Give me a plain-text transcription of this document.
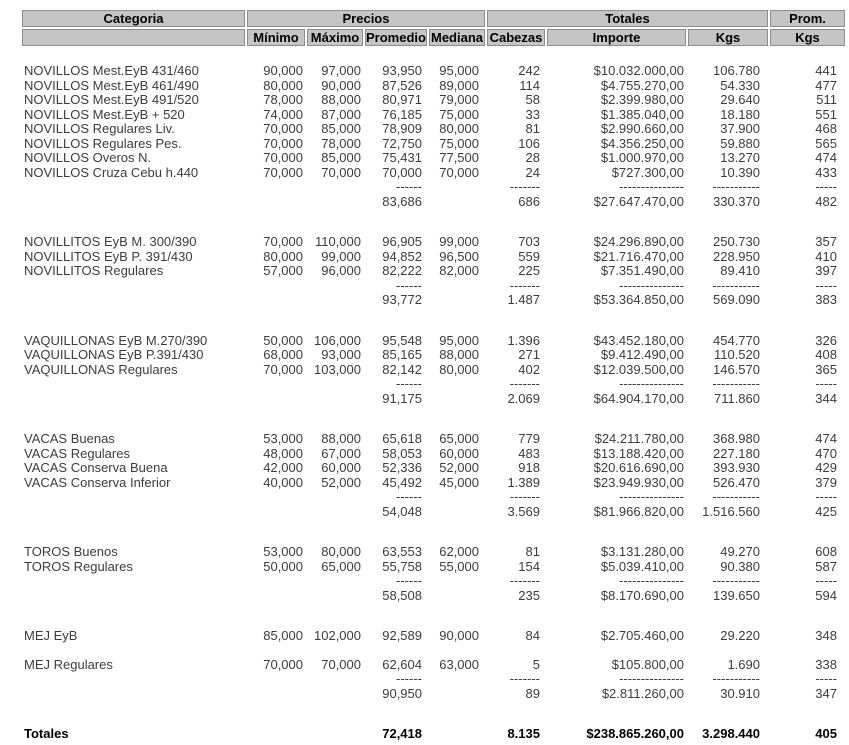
Categoria	Precios				Totales			Prom.
	Mínimo	Máximo	Promedio	Mediana	Cabezas	Importe	Kgs	Kgs

NOVILLOS Mest.EyB 431/460	90,000	97,000	93,950	95,000	242	$10.032.000,00	106.780	441
NOVILLOS Mest.EyB 461/490	80,000	90,000	87,526	89,000	114	$4.755.270,00	54.330	477
NOVILLOS Mest.EyB 491/520	78,000	88,000	80,971	79,000	58	$2.399.980,00	29.640	511
NOVILLOS Mest.EyB + 520	74,000	87,000	76,185	75,000	33	$1.385.040,00	18.180	551
NOVILLOS Regulares Liv.	70,000	85,000	78,909	80,000	81	$2.990.660,00	37.900	468
NOVILLOS Regulares Pes.	70,000	78,000	72,750	75,000	106	$4.356.250,00	59.880	565
NOVILLOS Overos N.	70,000	85,000	75,431	77,500	28	$1.000.970,00	13.270	474
NOVILLOS Cruza Cebu h.440	70,000	70,000	70,000	70,000	24	$727.300,00	10.390	433
			------		-------	---------------	-----------	-----
			83,686		686	$27.647.470,00	330.370	482

NOVILLITOS EyB M. 300/390	70,000	110,000	96,905	99,000	703	$24.296.890,00	250.730	357
NOVILLITOS EyB P. 391/430	80,000	99,000	94,852	96,500	559	$21.716.470,00	228.950	410
NOVILLITOS Regulares	57,000	96,000	82,222	82,000	225	$7.351.490,00	89.410	397
			------		-------	---------------	-----------	-----
			93,772		1.487	$53.364.850,00	569.090	383

VAQUILLONAS EyB M.270/390	50,000	106,000	95,548	95,000	1.396	$43.452.180,00	454.770	326
VAQUILLONAS EyB P.391/430	68,000	93,000	85,165	88,000	271	$9.412.490,00	110.520	408
VAQUILLONAS Regulares	70,000	103,000	82,142	80,000	402	$12.039.500,00	146.570	365
			------		-------	---------------	-----------	-----
			91,175		2.069	$64.904.170,00	711.860	344

VACAS Buenas	53,000	88,000	65,618	65,000	779	$24.211.780,00	368.980	474
VACAS Regulares	48,000	67,000	58,053	60,000	483	$13.188.420,00	227.180	470
VACAS Conserva Buena	42,000	60,000	52,336	52,000	918	$20.616.690,00	393.930	429
VACAS Conserva Inferior	40,000	52,000	45,492	45,000	1.389	$23.949.930,00	526.470	379
			------		-------	---------------	-----------	-----
			54,048		3.569	$81.966.820,00	1.516.560	425

TOROS Buenos	53,000	80,000	63,553	62,000	81	$3.131.280,00	49.270	608
TOROS Regulares	50,000	65,000	55,758	55,000	154	$5.039.410,00	90.380	587
			------		-------	---------------	-----------	-----
			58,508		235	$8.170.690,00	139.650	594

MEJ EyB	85,000	102,000	92,589	90,000	84	$2.705.460,00	29.220	348

MEJ Regulares	70,000	70,000	62,604	63,000	5	$105.800,00	1.690	338
			------		-------	---------------	-----------	-----
			90,950		89	$2.811.260,00	30.910	347

Totales			72,418		8.135	$238.865.260,00	3.298.440	405
